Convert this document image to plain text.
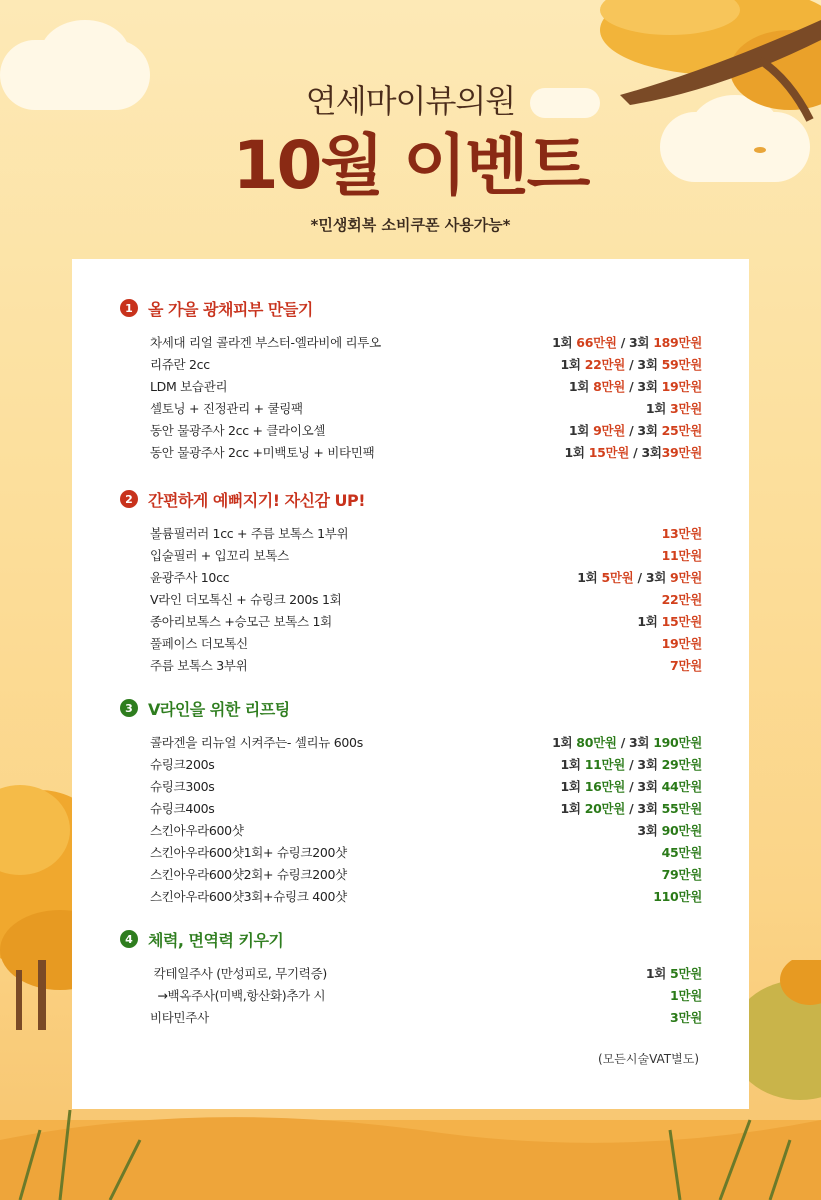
연세마이뷰의원
10월 이벤트
*민생회복 소비쿠폰 사용가능*
1 올 가을 광채피부 만들기
차세대 리얼 콜라겐 부스터-엘라비에 리투오	1회 66만원 / 3회 189만원
리쥬란 2cc	1회 22만원 / 3회 59만원
LDM 보습관리	1회 8만원 / 3회 19만원
셀토닝 + 진정관리 + 쿨링팩	1회 3만원
동안 물광주사 2cc + 클라이오셀	1회 9만원 / 3회 25만원
동안 물광주사 2cc +미백토닝 + 비타민팩	1회 15만원 / 3회39만원
2 간편하게 예뻐지기! 자신감 UP!
볼륨필러러 1cc + 주름 보톡스 1부위	13만원
입술필러 + 입꼬리 보톡스	11만원
윤광주사 10cc	1회 5만원 / 3회 9만원
V라인 더모톡신 + 슈링크 200s 1회	22만원
종아리보톡스 +승모근 보톡스 1회	1회 15만원
풀페이스 더모톡신	19만원
주름 보톡스 3부위	7만원
3 V라인을 위한 리프팅
콜라겐을 리뉴얼 시켜주는- 셀리뉴 600s	1회 80만원 / 3회 190만원
슈링크200s	1회 11만원 / 3회 29만원
슈링크300s	1회 16만원 / 3회 44만원
슈링크400s	1회 20만원 / 3회 55만원
스킨아우라600샷	3회 90만원
스킨아우라600샷1회+ 슈링크200샷	45만원
스킨아우라600샷2회+ 슈링크200샷	79만원
스킨아우라600샷3회+슈링크 400샷	110만원
4 체력, 면역력 키우기
칵테일주사 (만성피로, 무기력증)	1회 5만원
→백옥주사(미백,항산화)추가 시	1만원
비타민주사	3만원
(모든시술VAT별도)
